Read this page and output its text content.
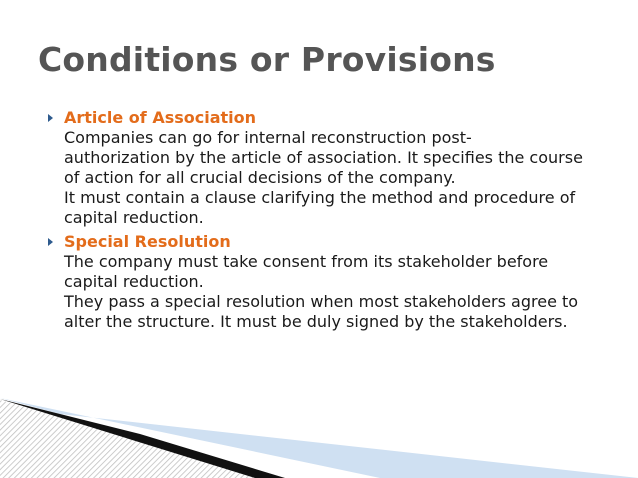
Conditions or Provisions
Article of Association
Companies can go for internal reconstruction post-
authorization by the article of association. It specifies the course
of action for all crucial decisions of the company.
It must contain a clause clarifying the method and procedure of
capital reduction.
Special Resolution
The company must take consent from its stakeholder before
capital reduction.
They pass a special resolution when most stakeholders agree to
alter the structure. It must be duly signed by the stakeholders.
